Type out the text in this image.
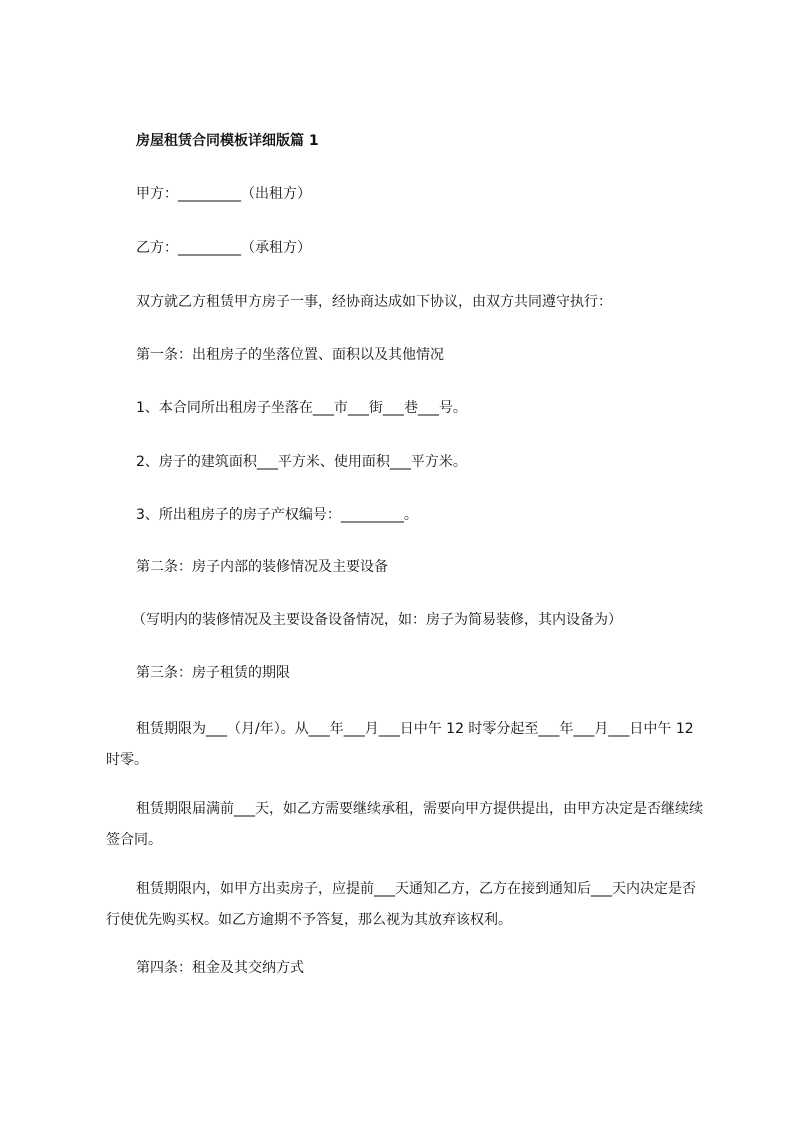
房屋租赁合同模板详细版篇 1
甲方：_________（出租方）
乙方：_________（承租方）
双方就乙方租赁甲方房子一事，经协商达成如下协议，由双方共同遵守执行：
第一条：出租房子的坐落位置、面积以及其他情况
1、本合同所出租房子坐落在___市___街___巷___号。
2、房子的建筑面积___平方米、使用面积___平方米。
3、所出租房子的房子产权编号：_________。
第二条：房子内部的装修情况及主要设备
（写明内的装修情况及主要设备设备情况，如：房子为简易装修，其内设备为）
第三条：房子租赁的期限
租赁期限为___（月/年）。从___年___月___日中午 12 时零分起至___年___月___日中午 12 时零。
租赁期限届满前___天，如乙方需要继续承租，需要向甲方提供提出，由甲方决定是否继续续签合同。
租赁期限内，如甲方出卖房子，应提前___天通知乙方，乙方在接到通知后___天内决定是否行使优先购买权。如乙方逾期不予答复，那么视为其放弃该权利。
第四条：租金及其交纳方式
